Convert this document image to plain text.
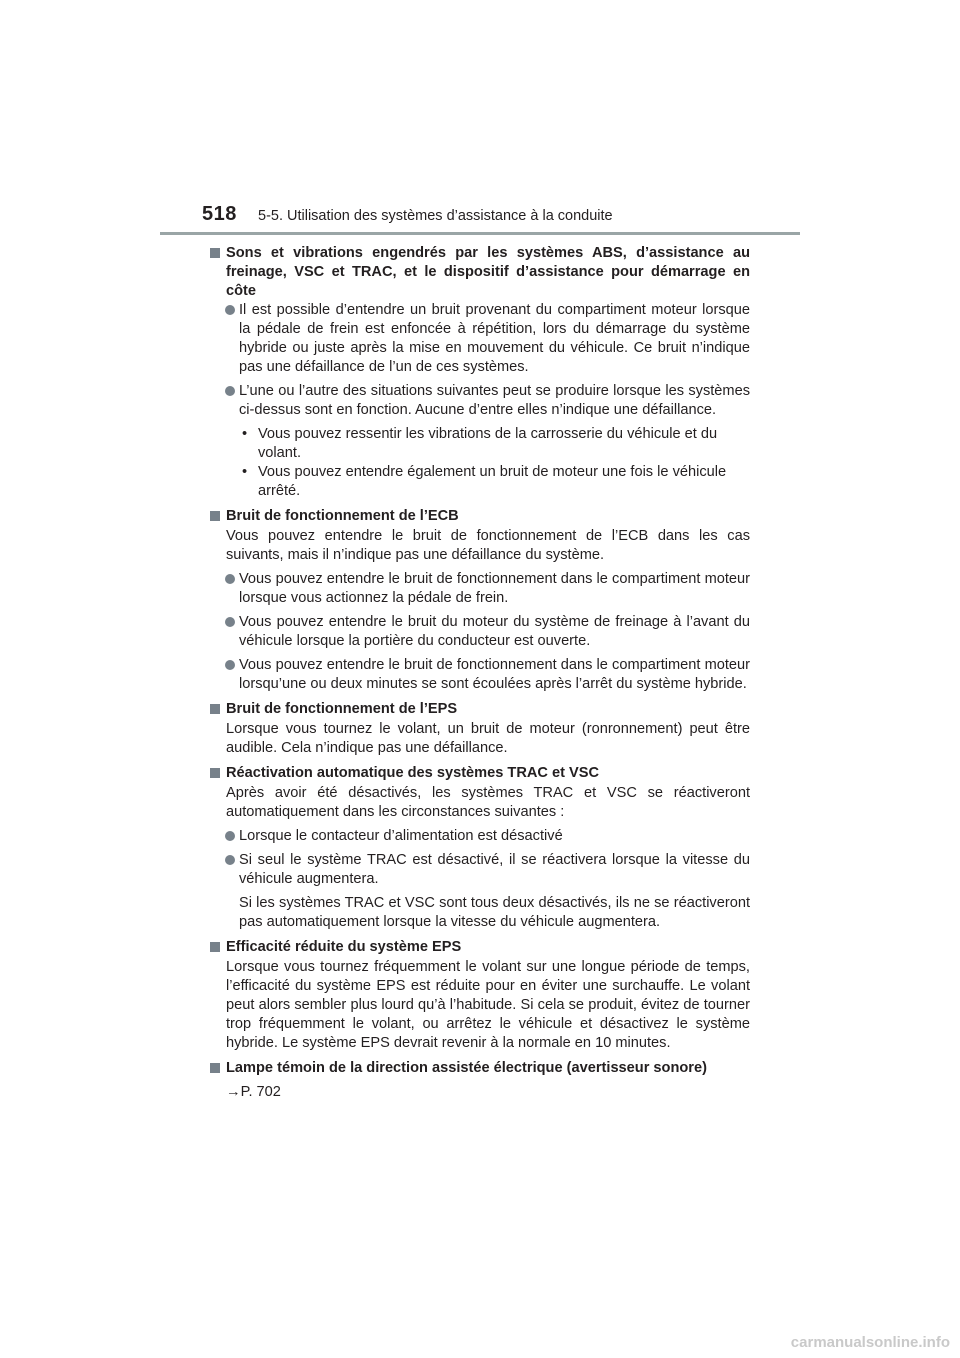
518 5-5. Utilisation des systèmes d’assistance à la conduite

Sons et vibrations engendrés par les systèmes ABS, d’assistance au freinage, VSC et TRAC, et le dispositif d’assistance pour démarrage en côte

Il est possible d’entendre un bruit provenant du compartiment moteur lorsque la pédale de frein est enfoncée à répétition, lors du démarrage du système hybride ou juste après la mise en mouvement du véhicule. Ce bruit n’indique pas une défaillance de l’un de ces systèmes.

L’une ou l’autre des situations suivantes peut se produire lorsque les systèmes ci-dessus sont en fonction. Aucune d’entre elles n’indique une défaillance.

• Vous pouvez ressentir les vibrations de la carrosserie du véhicule et du volant.

• Vous pouvez entendre également un bruit de moteur une fois le véhicule arrêté.

Bruit de fonctionnement de l’ECB

Vous pouvez entendre le bruit de fonctionnement de l’ECB dans les cas suivants, mais il n’indique pas une défaillance du système.

Vous pouvez entendre le bruit de fonctionnement dans le compartiment moteur lorsque vous actionnez la pédale de frein.

Vous pouvez entendre le bruit du moteur du système de freinage à l’avant du véhicule lorsque la portière du conducteur est ouverte.

Vous pouvez entendre le bruit de fonctionnement dans le compartiment moteur lorsqu’une ou deux minutes se sont écoulées après l’arrêt du système hybride.

Bruit de fonctionnement de l’EPS

Lorsque vous tournez le volant, un bruit de moteur (ronronnement) peut être audible. Cela n’indique pas une défaillance.

Réactivation automatique des systèmes TRAC et VSC

Après avoir été désactivés, les systèmes TRAC et VSC se réactiveront automatiquement dans les circonstances suivantes :

Lorsque le contacteur d’alimentation est désactivé

Si seul le système TRAC est désactivé, il se réactivera lorsque la vitesse du véhicule augmentera.

Si les systèmes TRAC et VSC sont tous deux désactivés, ils ne se réactiveront pas automatiquement lorsque la vitesse du véhicule augmentera.

Efficacité réduite du système EPS

Lorsque vous tournez fréquemment le volant sur une longue période de temps, l’efficacité du système EPS est réduite pour en éviter une surchauffe. Le volant peut alors sembler plus lourd qu’à l’habitude. Si cela se produit, évitez de tourner trop fréquemment le volant, ou arrêtez le véhicule et désactivez le système hybride. Le système EPS devrait revenir à la normale en 10 minutes.

Lampe témoin de la direction assistée électrique (avertisseur sonore)

→P. 702

carmanualsonline.info
